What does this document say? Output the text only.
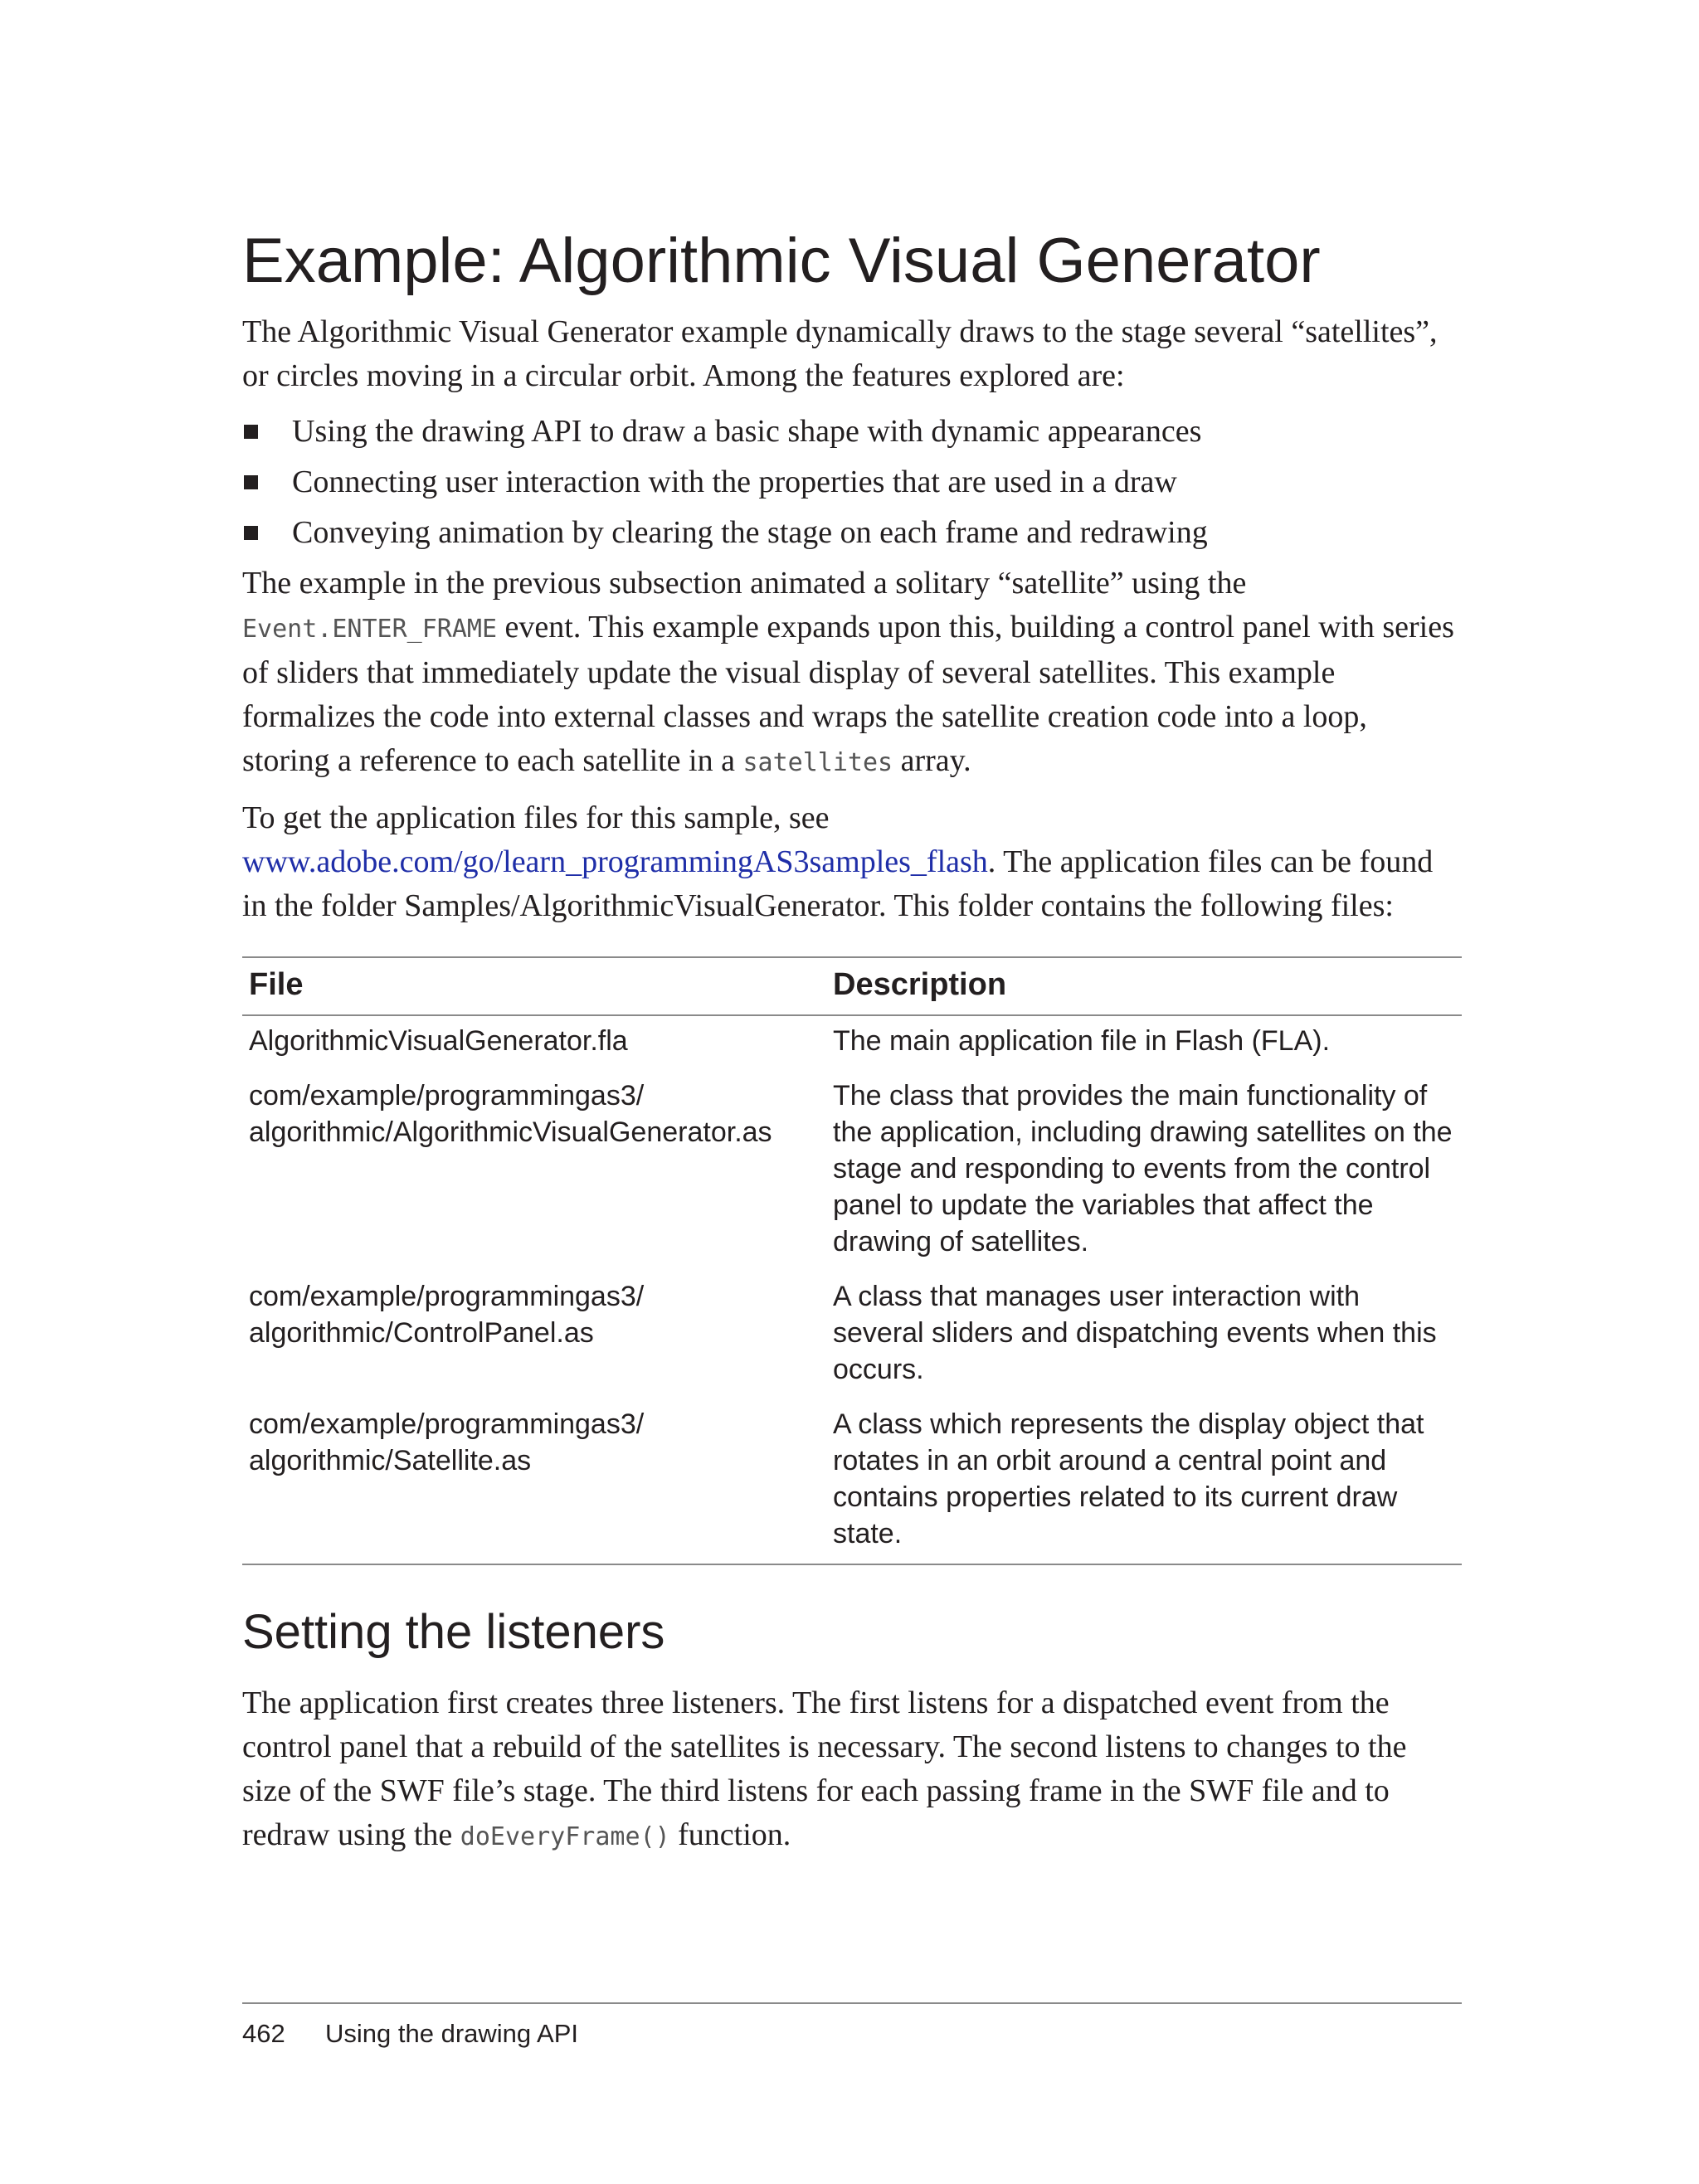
Example: Algorithmic Visual Generator

The Algorithmic Visual Generator example dynamically draws to the stage several “satellites”, or circles moving in a circular orbit. Among the features explored are:

Using the drawing API to draw a basic shape with dynamic appearances
Connecting user interaction with the properties that are used in a draw
Conveying animation by clearing the stage on each frame and redrawing

The example in the previous subsection animated a solitary “satellite” using the Event.ENTER_FRAME event. This example expands upon this, building a control panel with series of sliders that immediately update the visual display of several satellites. This example formalizes the code into external classes and wraps the satellite creation code into a loop, storing a reference to each satellite in a satellites array.

To get the application files for this sample, see www.adobe.com/go/learn_programmingAS3samples_flash. The application files can be found in the folder Samples/AlgorithmicVisualGenerator. This folder contains the following files:

File	Description
AlgorithmicVisualGenerator.fla	The main application file in Flash (FLA).
com/example/programmingas3/ algorithmic/AlgorithmicVisualGenerator.as	The class that provides the main functionality of the application, including drawing satellites on the stage and responding to events from the control panel to update the variables that affect the drawing of satellites.
com/example/programmingas3/ algorithmic/ControlPanel.as	A class that manages user interaction with several sliders and dispatching events when this occurs.
com/example/programmingas3/ algorithmic/Satellite.as	A class which represents the display object that rotates in an orbit around a central point and contains properties related to its current draw state.
Setting the listeners

The application first creates three listeners. The first listens for a dispatched event from the control panel that a rebuild of the satellites is necessary. The second listens to changes to the size of the SWF file’s stage. The third listens for each passing frame in the SWF file and to redraw using the doEveryFrame() function.

462 Using the drawing API
